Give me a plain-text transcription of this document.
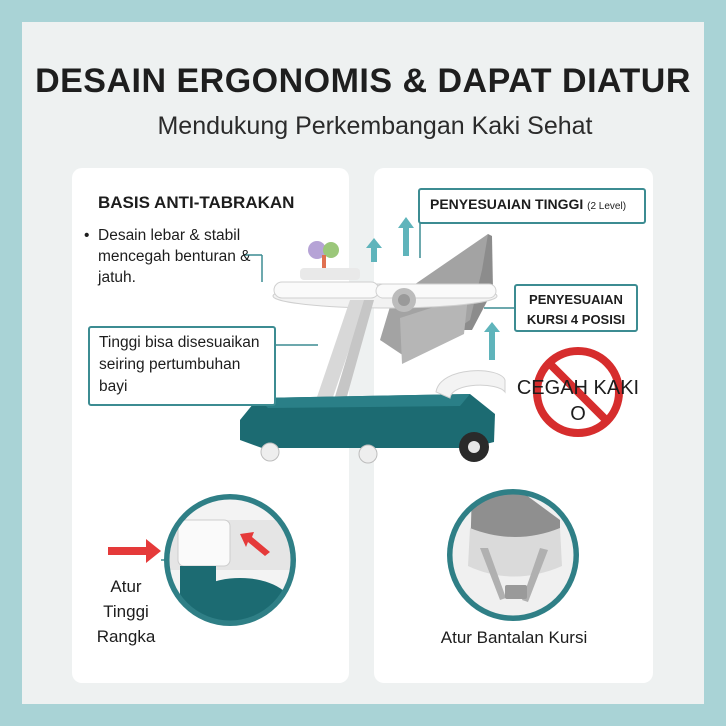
DESAIN ERGONOMIS & DAPAT DIATUR
Mendukung Perkembangan Kaki Sehat
BASIS ANTI-TABRAKAN
• Desain lebar & stabil mencegah benturan & jatuh.
Tinggi bisa disesuaikan seiring pertumbuhan bayi
PENYESUAIAN TINGGI (2 Level)
PENYESUAIAN KURSI 4 POSISI
CEGAH KAKI
O
Atur Tinggi Rangka	Atur Bantalan Kursi
